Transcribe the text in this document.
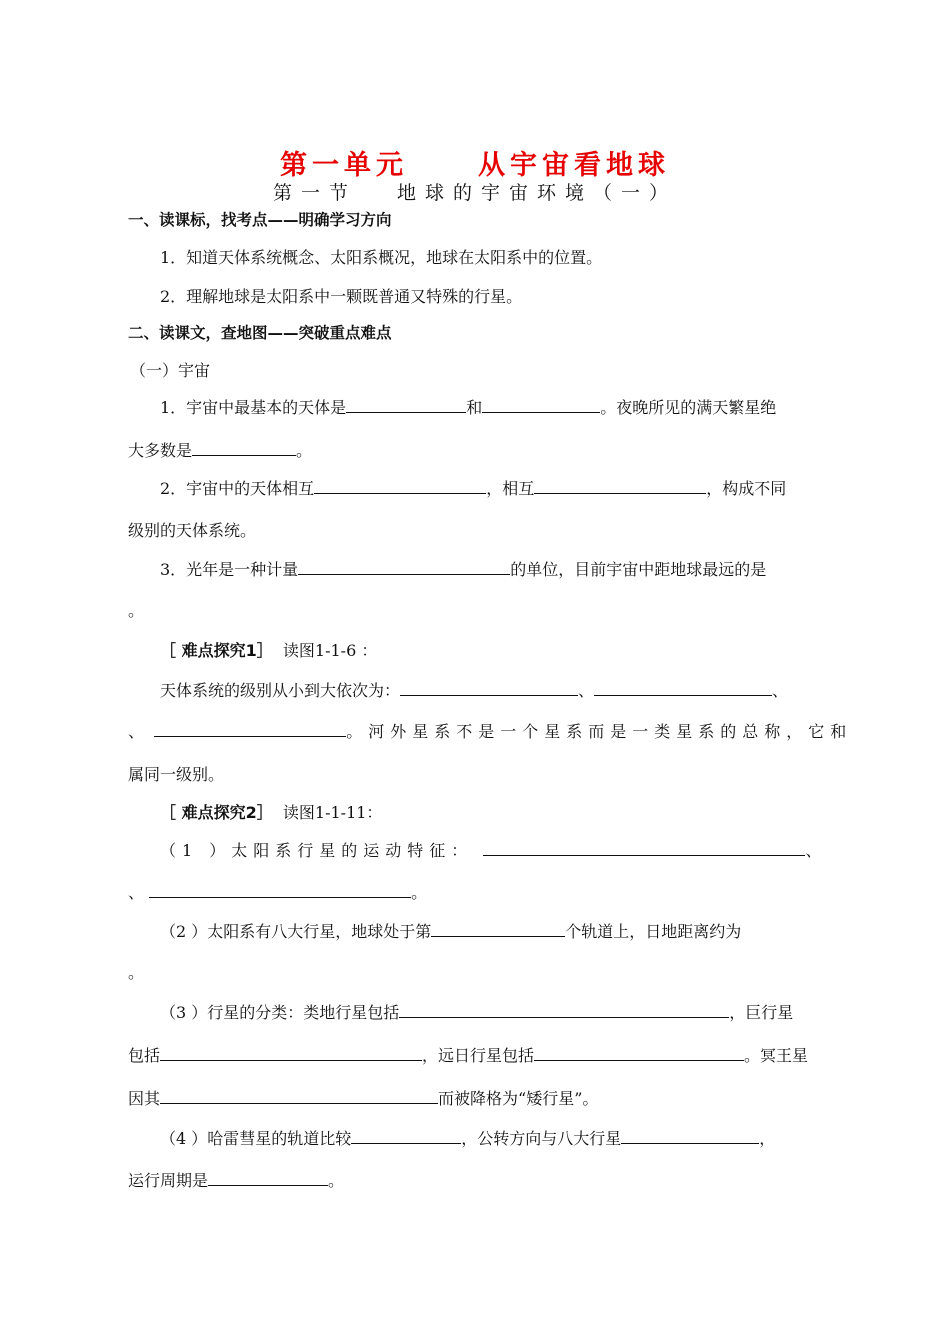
第一单元	从宇宙看地球
第一节 地球的宇宙环境（一）
一、读课标，找考点——明确学习方向
1．知道天体系统概念、太阳系概况，地球在太阳系中的位置。
2．理解地球是太阳系中一颗既普通又特殊的行星。
二、读课文，查地图——突破重点难点
（一）宇宙
1．宇宙中最基本的天体是	和	。夜晚所见的满天繁星绝
大多数是	。
2．宇宙中的天体相互	，相互	，构成不同
级别的天体系统。
3．光年是一种计量	的单位，目前宇宙中距地球最远的是
。
［ 难点探究1］ 读图1-1-6 ：
天体系统的级别从小到大依次为：	、	、
、	。河外星系不是一个星系而是一类星系的总称，它和
属同一级别。
［ 难点探究2］ 读图1-1-11：
（1 ）太阳系行星的运动特征：	、
、	。
（2 ）太阳系有八大行星，地球处于第	个轨道上，日地距离约为
。
（3 ）行星的分类：类地行星包括	，巨行星
包括	，远日行星包括	。冥王星
因其	而被降格为“矮行星”。
（4 ）哈雷彗星的轨道比较	，公转方向与八大行星	，
运行周期是	。
